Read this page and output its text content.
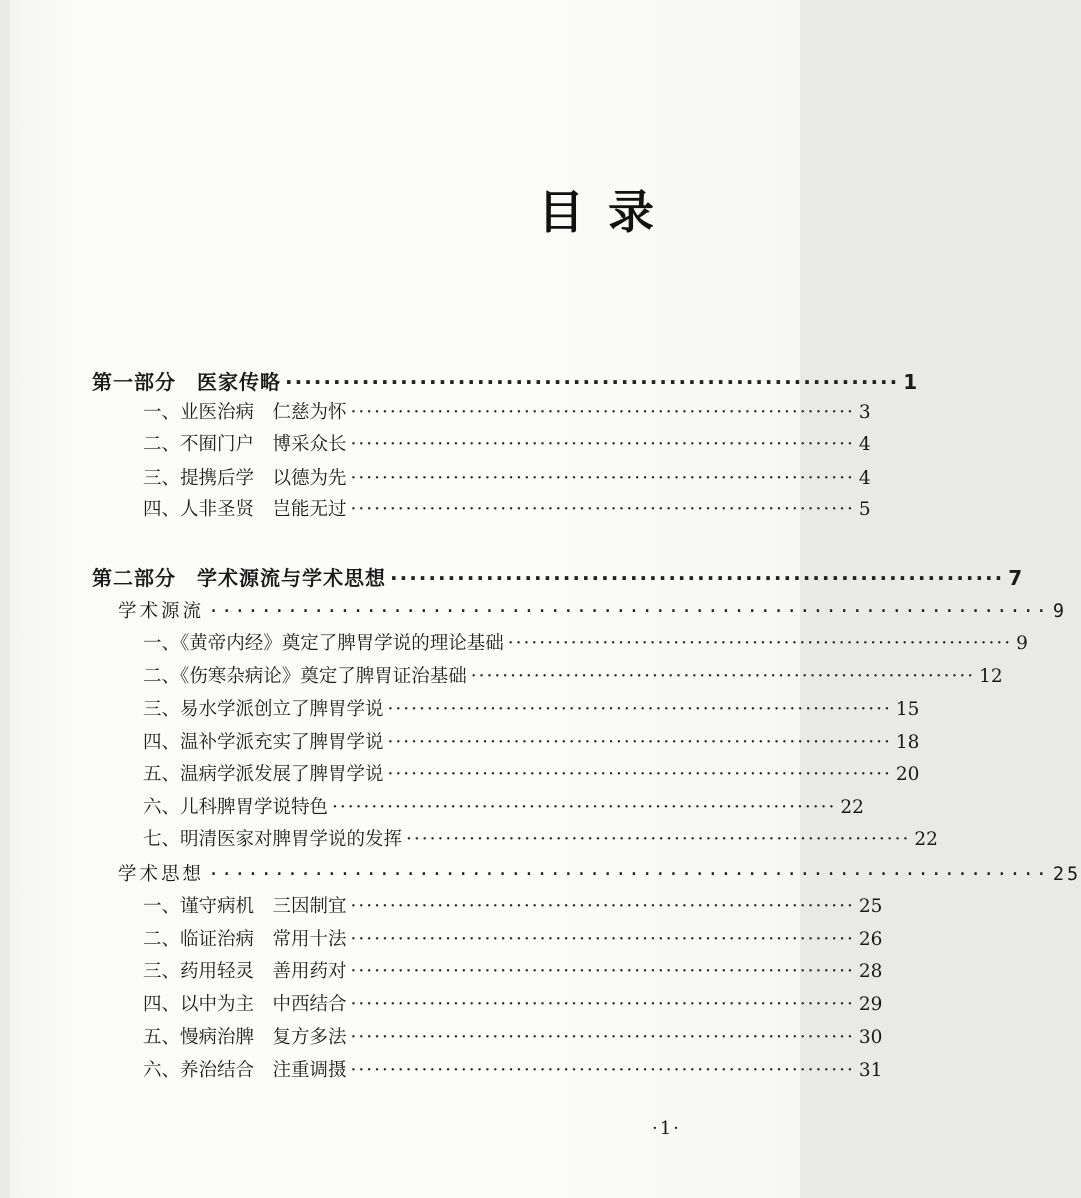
目录
第一部分　医家传略 ································································ 1
一、业医治病　仁慈为怀 ································································ 3
二、不囿门户　博采众长 ································································ 4
三、提携后学　以德为先 ································································ 4
四、人非圣贤　岂能无过 ································································ 5
第二部分　学术源流与学术思想 ································································ 7
学术源流 ································································ 9
一、《黄帝内经》奠定了脾胃学说的理论基础 ································································ 9
二、《伤寒杂病论》奠定了脾胃证治基础 ································································ 12
三、易水学派创立了脾胃学说 ································································ 15
四、温补学派充实了脾胃学说 ································································ 18
五、温病学派发展了脾胃学说 ································································ 20
六、儿科脾胃学说特色 ································································ 22
七、明清医家对脾胃学说的发挥 ································································ 22
学术思想 ································································ 25
一、谨守病机　三因制宜 ································································ 25
二、临证治病　常用十法 ································································ 26
三、药用轻灵　善用药对 ································································ 28
四、以中为主　中西结合 ································································ 29
五、慢病治脾　复方多法 ································································ 30
六、养治结合　注重调摄 ································································ 31
·1·
